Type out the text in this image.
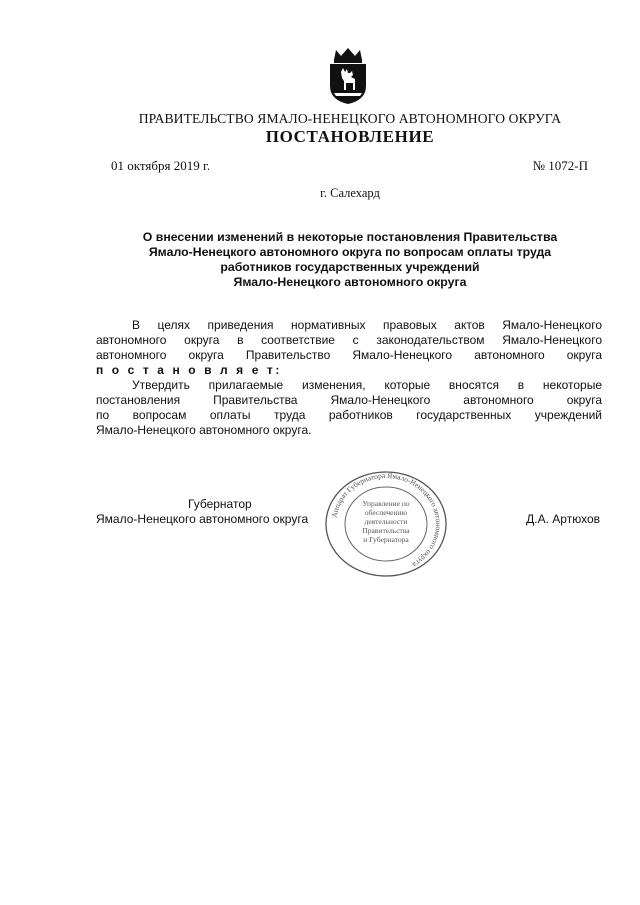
ПРАВИТЕЛЬСТВО ЯМАЛО-НЕНЕЦКОГО АВТОНОМНОГО ОКРУГА
ПОСТАНОВЛЕНИЕ
01 октября 2019 г.	№ 1072-П
г. Салехард
О внесении изменений в некоторые постановления Правительства
Ямало-Ненецкого автономного округа по вопросам оплаты труда
работников государственных учреждений
Ямало-Ненецкого автономного округа
В целях приведения нормативных правовых актов Ямало-Ненецкого
автономного округа в соответствие с законодательством Ямало-Ненецкого
автономного округа Правительство Ямало-Ненецкого автономного округа
п о с т а н о в л я е т:
Утвердить прилагаемые изменения, которые вносятся в некоторые
постановления Правительства Ямало-Ненецкого автономного округа
по вопросам оплаты труда работников государственных учреждений
Ямало-Ненецкого автономного округа.
Губернатор
Ямало-Ненецкого автономного округа	Д.А. Артюхов
Аппарат Губернатора Ямало-Ненецкого автономного округа
Управление по
обеспечению
деятельности
Правительства
и Губернатора
